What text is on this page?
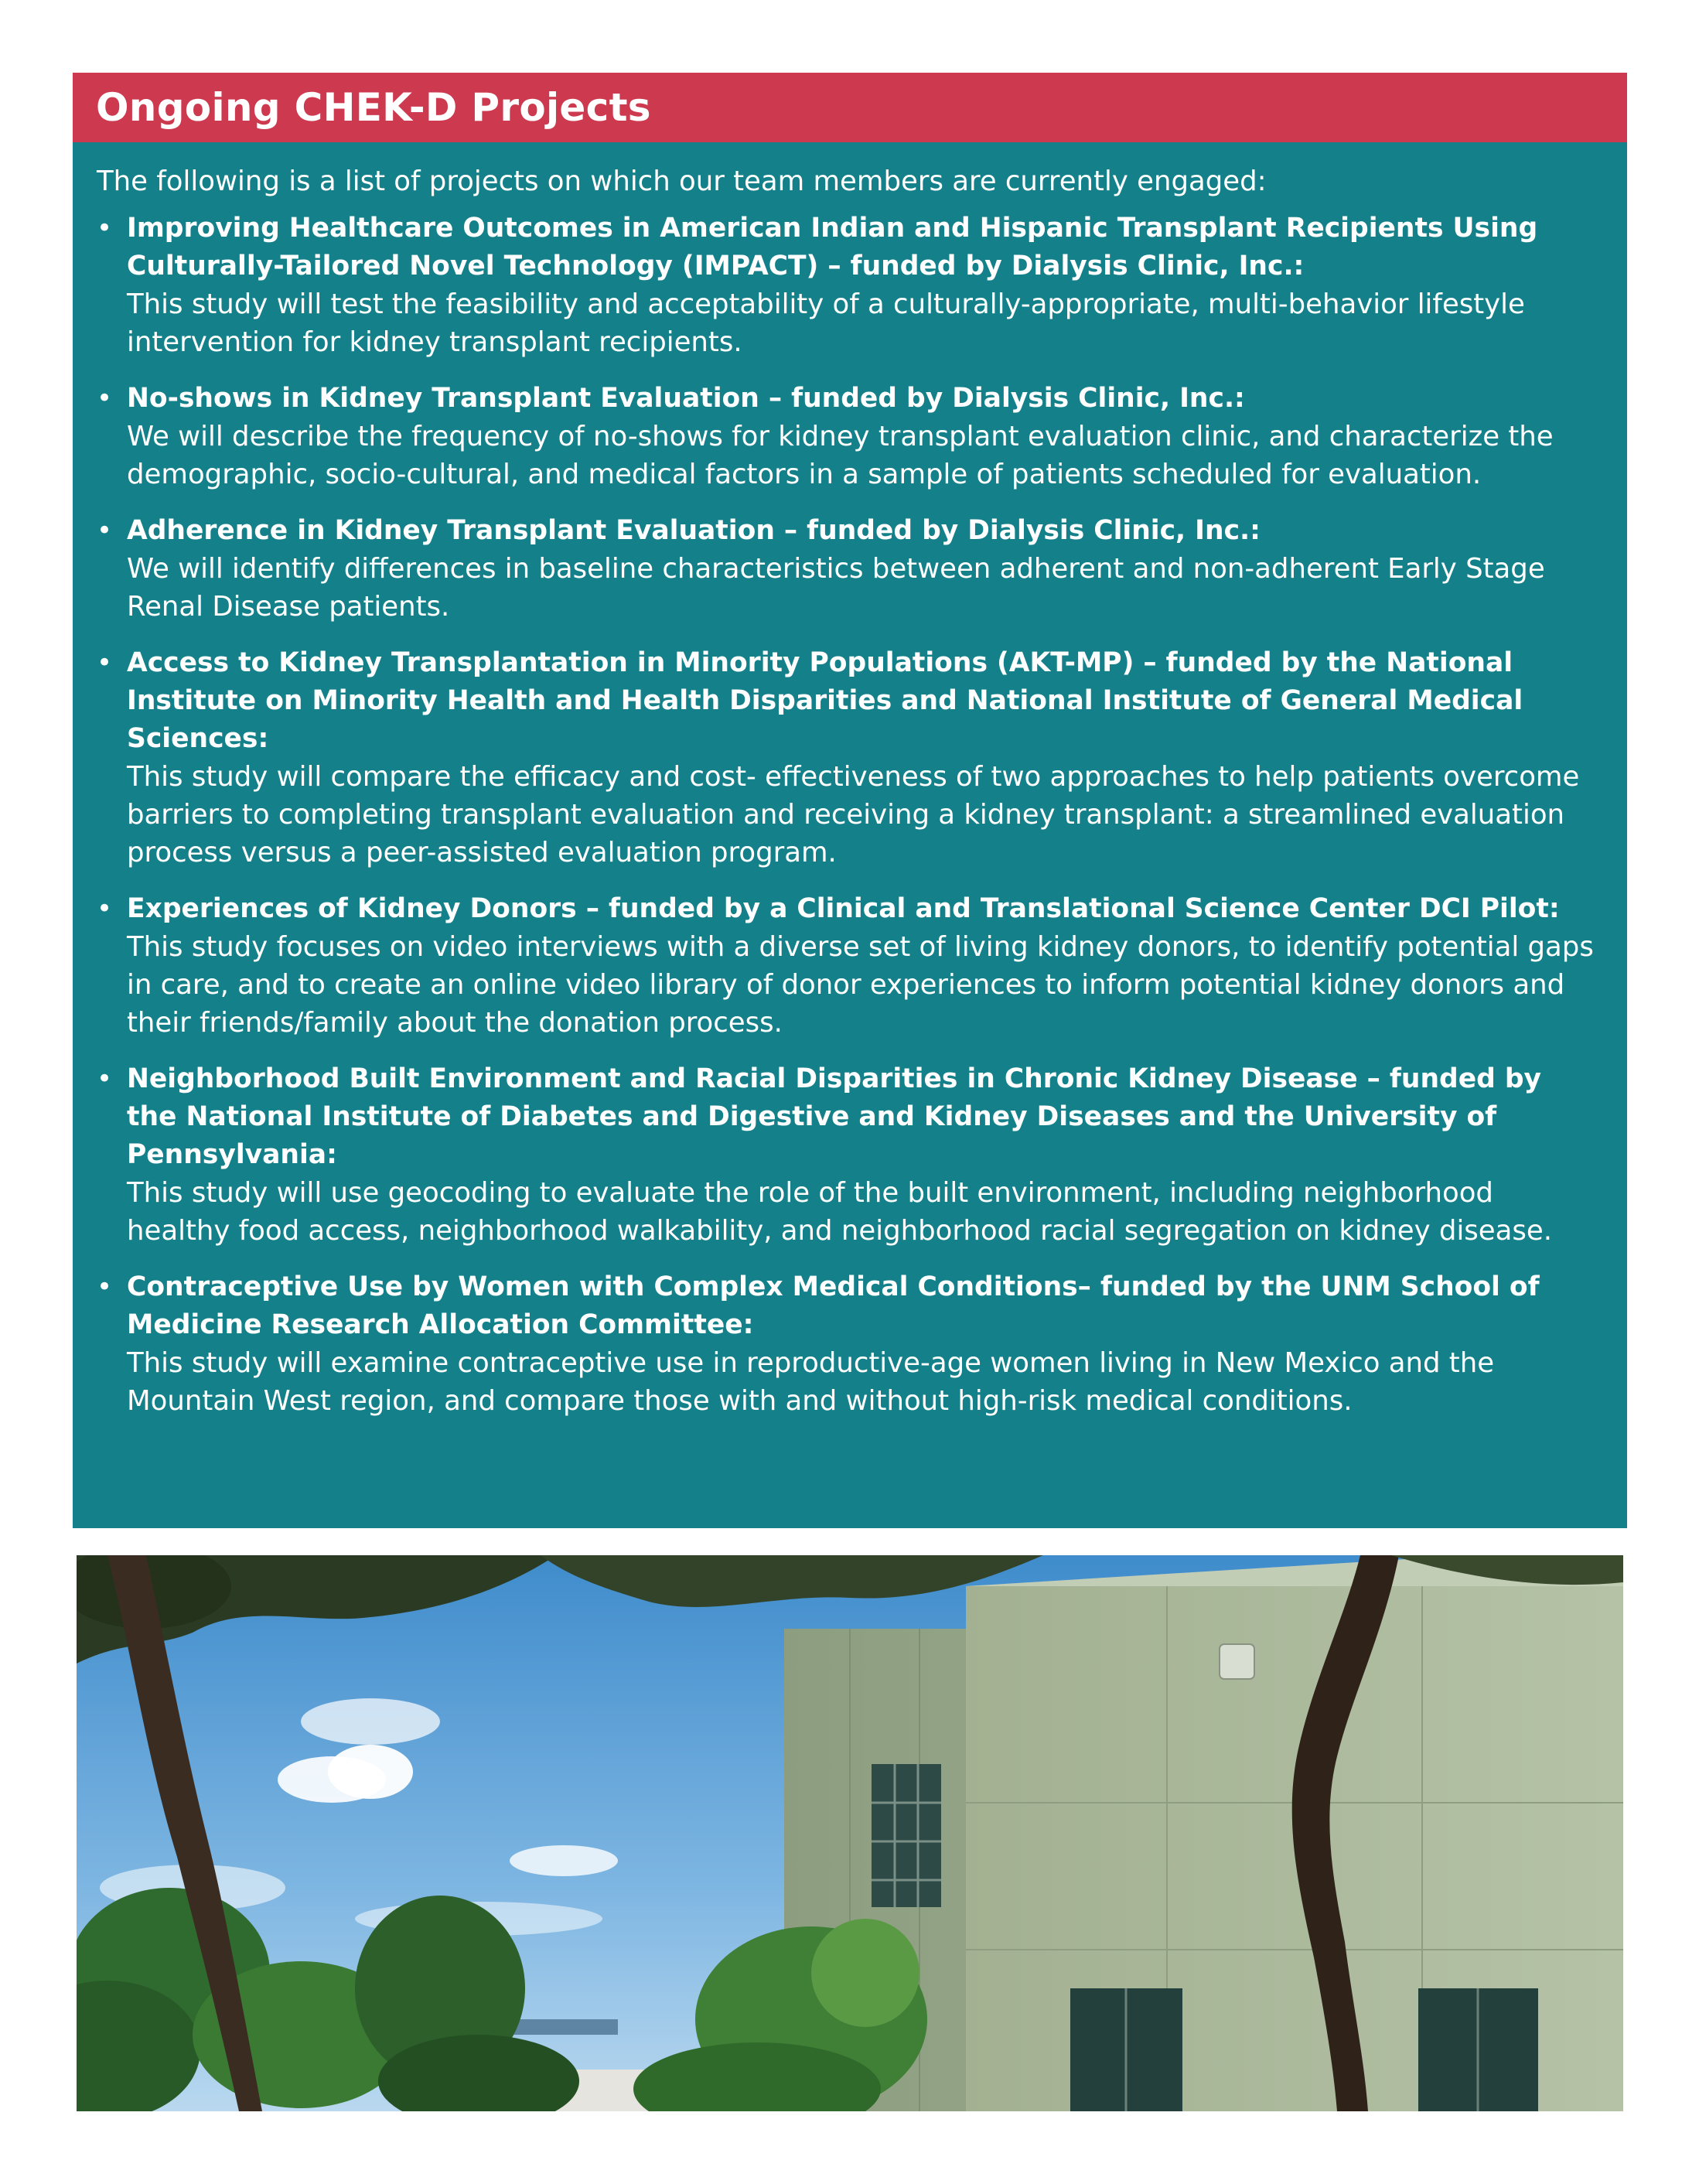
Ongoing CHEK-D Projects

The following is a list of projects on which our team members are currently engaged:

• Improving Healthcare Outcomes in American Indian and Hispanic Transplant Recipients Using Culturally-Tailored Novel Technology (IMPACT) – funded by Dialysis Clinic, Inc.:
This study will test the feasibility and acceptability of a culturally-appropriate, multi-behavior lifestyle intervention for kidney transplant recipients.
• No-shows in Kidney Transplant Evaluation – funded by Dialysis Clinic, Inc.:
We will describe the frequency of no-shows for kidney transplant evaluation clinic, and characterize the demographic, socio-cultural, and medical factors in a sample of patients scheduled for evaluation.
• Adherence in Kidney Transplant Evaluation – funded by Dialysis Clinic, Inc.:
We will identify differences in baseline characteristics between adherent and non-adherent Early Stage Renal Disease patients.
• Access to Kidney Transplantation in Minority Populations (AKT-MP) – funded by the National Institute on Minority Health and Health Disparities and National Institute of General Medical Sciences:
This study will compare the efficacy and cost- effectiveness of two approaches to help patients overcome barriers to completing transplant evaluation and receiving a kidney transplant: a streamlined evaluation process versus a peer-assisted evaluation program.
• Experiences of Kidney Donors – funded by a Clinical and Translational Science Center DCI Pilot:
This study focuses on video interviews with a diverse set of living kidney donors, to identify potential gaps in care, and to create an online video library of donor experiences to inform potential kidney donors and their friends/family about the donation process.
• Neighborhood Built Environment and Racial Disparities in Chronic Kidney Disease – funded by the National Institute of Diabetes and Digestive and Kidney Diseases and the University of Pennsylvania:
This study will use geocoding to evaluate the role of the built environment, including neighborhood healthy food access, neighborhood walkability, and neighborhood racial segregation on kidney disease.
• Contraceptive Use by Women with Complex Medical Conditions– funded by the UNM School of Medicine Research Allocation Committee:
This study will examine contraceptive use in reproductive-age women living in New Mexico and the Mountain West region, and compare those with and without high-risk medical conditions.
